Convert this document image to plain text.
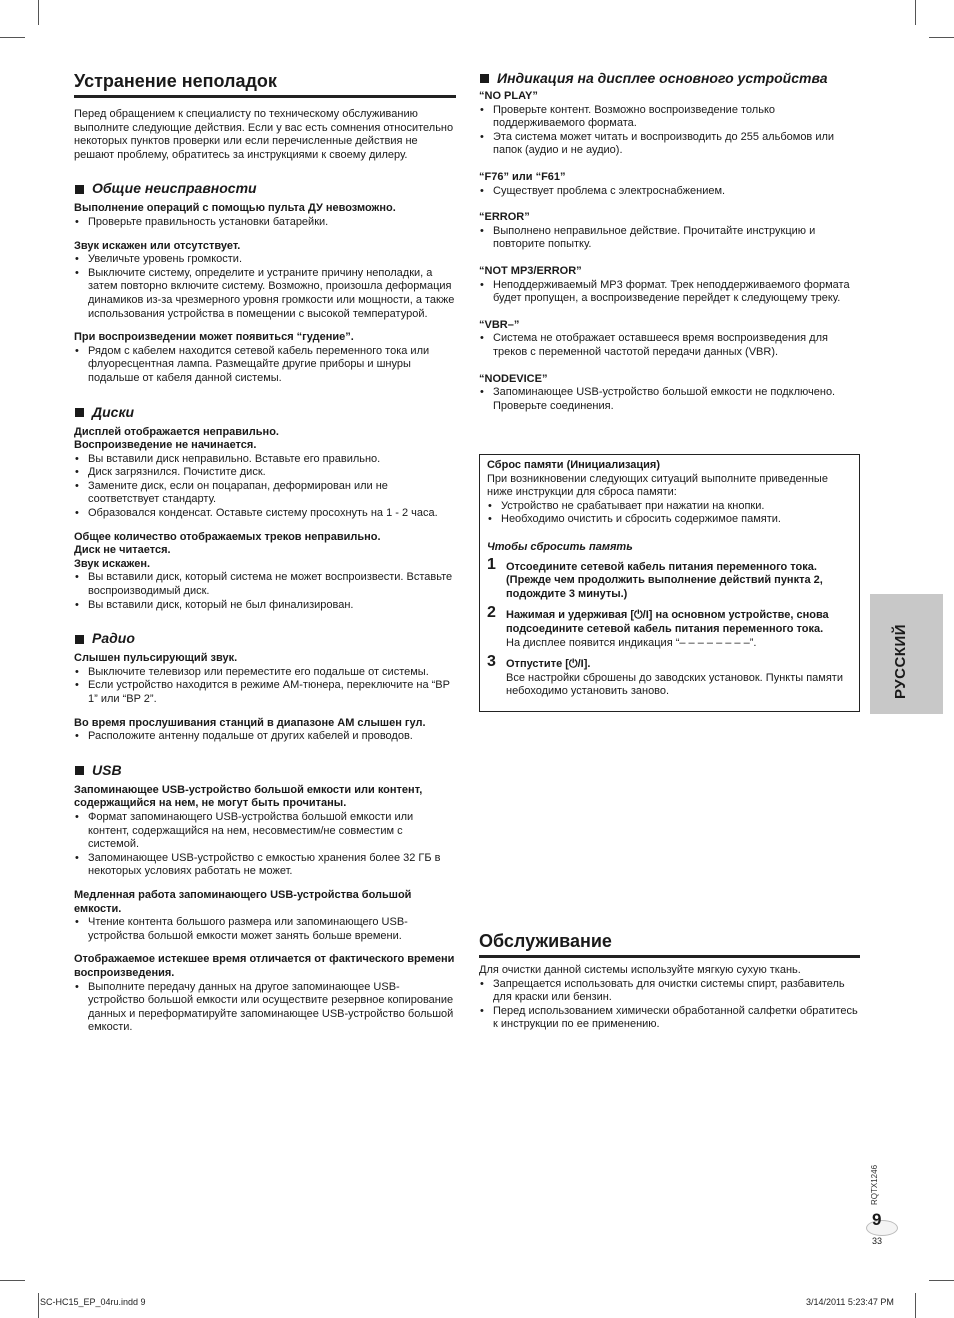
Устранение неполадок

Перед обращением к специалисту по техническому обслуживанию выполните следующие действия. Если у вас есть сомнения относительно некоторых пунктов проверки или если перечисленные действия не решают проблему, обратитесь за инструкциями к своему дилеру.

Общие неисправности

Выполнение операций с помощью пульта ДУ невозможно.

• Проверьте правильность установки батарейки.

Звук искажен или отсутствует.

• Увеличьте уровень громкости.
• Выключите систему, определите и устраните причину неполадки, а затем повторно включите систему. Возможно, произошла деформация динамиков из-за чрезмерного уровня громкости или мощности, а также использования устройства в помещении с высокой температурой.

При воспроизведении может появиться “гудение”.

• Рядом с кабелем находится сетевой кабель переменного тока или флуоресцентная лампа. Размещайте другие приборы и шнуры подальше от кабеля данной системы.
Диски

Дисплей отображается неправильно.

Воспроизведение не начинается.

• Вы вставили диск неправильно. Вставьте его правильно.
• Диск загрязнился. Почистите диск.
• Замените диск, если он поцарапан, деформирован или не соответствует стандарту.
• Образовался конденсат. Оставьте систему просохнуть на 1 - 2 часа.

Общее количество отображаемых треков неправильно.

Диск не читается.

Звук искажен.

• Вы вставили диск, который система не может воспроизвести. Вставьте воспроизводимый диск.
• Вы вставили диск, который не был финализирован.
Радио

Слышен пульсирующий звук.

• Выключите телевизор или переместите его подальше от системы.
• Если устройство находится в режиме AM-тюнера, переключите на “BP 1” или “BP 2”.

Во время прослушивания станций в диапазоне AM слышен гул.

• Расположите антенну подальше от других кабелей и проводов.
USB

Запоминающее USB-устройство большой емкости или контент, содержащийся на нем, не могут быть прочитаны.

• Формат запоминающего USB-устройства большой емкости или контент, содержащийся на нем, несовместим/не совместим с системой.
• Запоминающее USB-устройство с емкостью хранения более 32 ГБ в некоторых условиях работать не может.

Медленная работа запоминающего USB-устройства большой емкости.

• Чтение контента большого размера или запоминающего USB-устройства большой емкости может занять больше времени.

Отображаемое истекшее время отличается от фактического времени воспроизведения.

• Выполните передачу данных на другое запоминающее USB-устройство большой емкости или осуществите резервное копирование данных и переформатируйте запоминающее USB-устройство большой емкости.
Индикация на дисплее основного устройства

“NO PLAY”

• Проверьте контент. Возможно воспроизведение только поддерживаемого формата.
• Эта система может читать и воспроизводить до 255 альбомов или папок (аудио и не аудио).

“F76” или “F61”

• Существует проблема с электроснабжением.

“ERROR”

• Выполнено неправильное действие. Прочитайте инструкцию и повторите попытку.

“NOT MP3/ERROR”

• Неподдерживаемый MP3 формат. Трек неподдерживаемого формата будет пропущен, а воспроизведение перейдет к следующему треку.

“VBR–”

• Система не отображает оставшееся время воспроизведения для треков с переменной частотой передачи данных (VBR).

“NODEVICE”

• Запоминающее USB-устройство большой емкости не подключено. Проверьте соединения.
Сброс памяти (Инициализация)
При возникновении следующих ситуаций выполните приведенные ниже инструкции для сброса памяти:
• Устройство не срабатывает при нажатии на кнопки.
• Необходимо очистить и сбросить содержимое памяти.
Чтобы сбросить память
1 Отсоедините сетевой кабель питания переменного тока.
(Прежде чем продолжить выполнение действий пункта 2, подождите 3 минуты.)
2 Нажимая и удерживая [⏻/I] на основном устройстве, снова подсоедините сетевой кабель питания переменного тока.
На дисплее появится индикация “– – – – – – – –”.
3 Отпустите [⏻/I].
Все настройки сброшены до заводских установок. Пункты памяти небоходимо установить заново.
Обслуживание

Для очистки данной системы используйте мягкую сухую ткань.

• Запрещается использовать для очистки системы спирт, разбавитель для краски или бензин.
• Перед использованием химически обработанной салфетки обратитесь к инструкции по ее применению.
РУССКИЙ
RQTX1246
9
33
SC-HC15_EP_04ru.indd 9	3/14/2011 5:23:47 PM
